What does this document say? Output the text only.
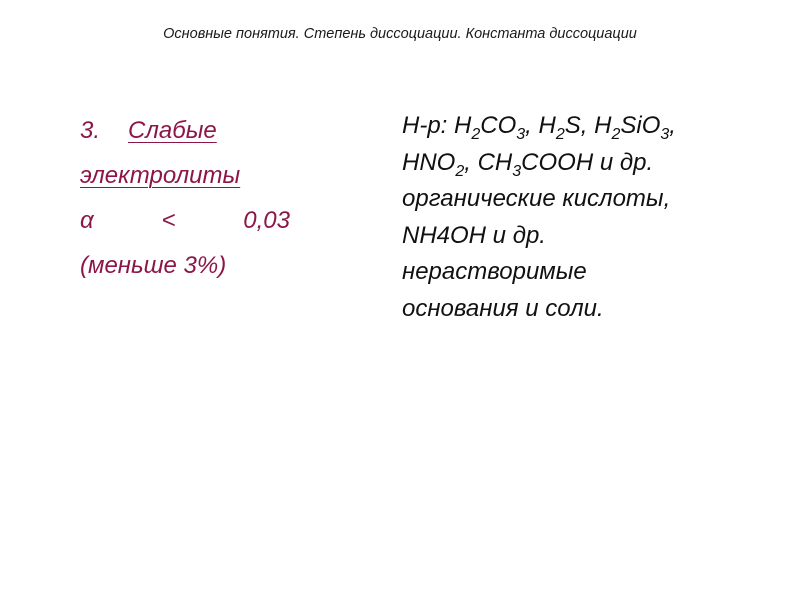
Основные понятия. Степень диссоциации. Константа диссоциации
3. Слабые
электролиты
α	<	0,03
(меньше 3%)
Н-р: $H_2CO_3$, $H_2S$, $H_2SiO_3$,
$HNO_2$, $CH_3COOH$ и др.
органические кислоты,
NH4OH и др.
нерастворимые
основания и соли.
